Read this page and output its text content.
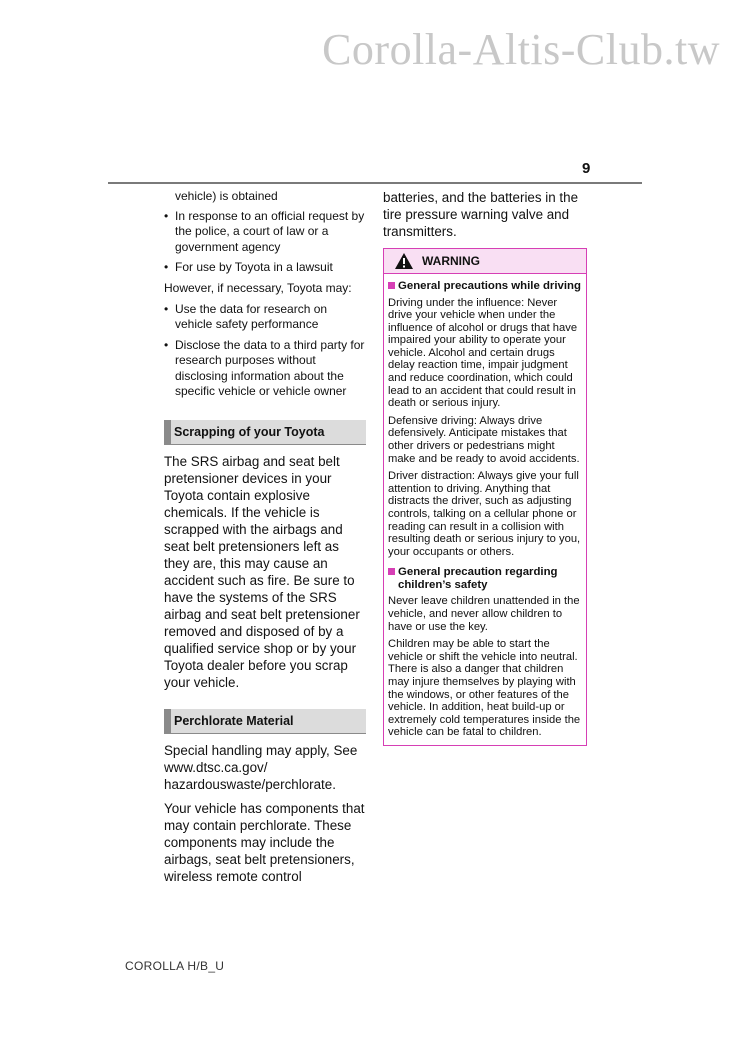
Corolla-Altis-Club.tw
9

vehicle) is obtained

• In response to an official request by the police, a court of law or a government agency
• For use by Toyota in a lawsuit

However, if necessary, Toyota may:

• Use the data for research on vehicle safety performance
• Disclose the data to a third party for research purposes without disclosing information about the specific vehicle or vehicle owner
Scrapping of your Toyota

The SRS airbag and seat belt pretensioner devices in your Toyota contain explosive chemicals. If the vehicle is scrapped with the airbags and seat belt pretensioners left as they are, this may cause an accident such as fire. Be sure to have the systems of the SRS airbag and seat belt pretensioner removed and disposed of by a qualified service shop or by your Toyota dealer before you scrap your vehicle.

Perchlorate Material

Special handling may apply, See www.dtsc.ca.gov/ hazardouswaste/perchlorate.

Your vehicle has components that may contain perchlorate. These components may include the airbags, seat belt pretensioners, wireless remote control

batteries, and the batteries in the tire pressure warning valve and transmitters.

WARNING
General precautions while driving

Driving under the influence: Never drive your vehicle when under the influence of alcohol or drugs that have impaired your ability to operate your vehicle. Alcohol and certain drugs delay reaction time, impair judgment and reduce coordination, which could lead to an accident that could result in death or serious injury.

Defensive driving: Always drive defensively. Anticipate mistakes that other drivers or pedestrians might make and be ready to avoid accidents.

Driver distraction: Always give your full attention to driving. Anything that distracts the driver, such as adjusting controls, talking on a cellular phone or reading can result in a collision with resulting death or serious injury to you, your occupants or others.

General precaution regarding children’s safety

Never leave children unattended in the vehicle, and never allow children to have or use the key.

Children may be able to start the vehicle or shift the vehicle into neutral. There is also a danger that children may injure themselves by playing with the windows, or other features of the vehicle. In addition, heat build-up or extremely cold temperatures inside the vehicle can be fatal to children.

COROLLA H/B_U
